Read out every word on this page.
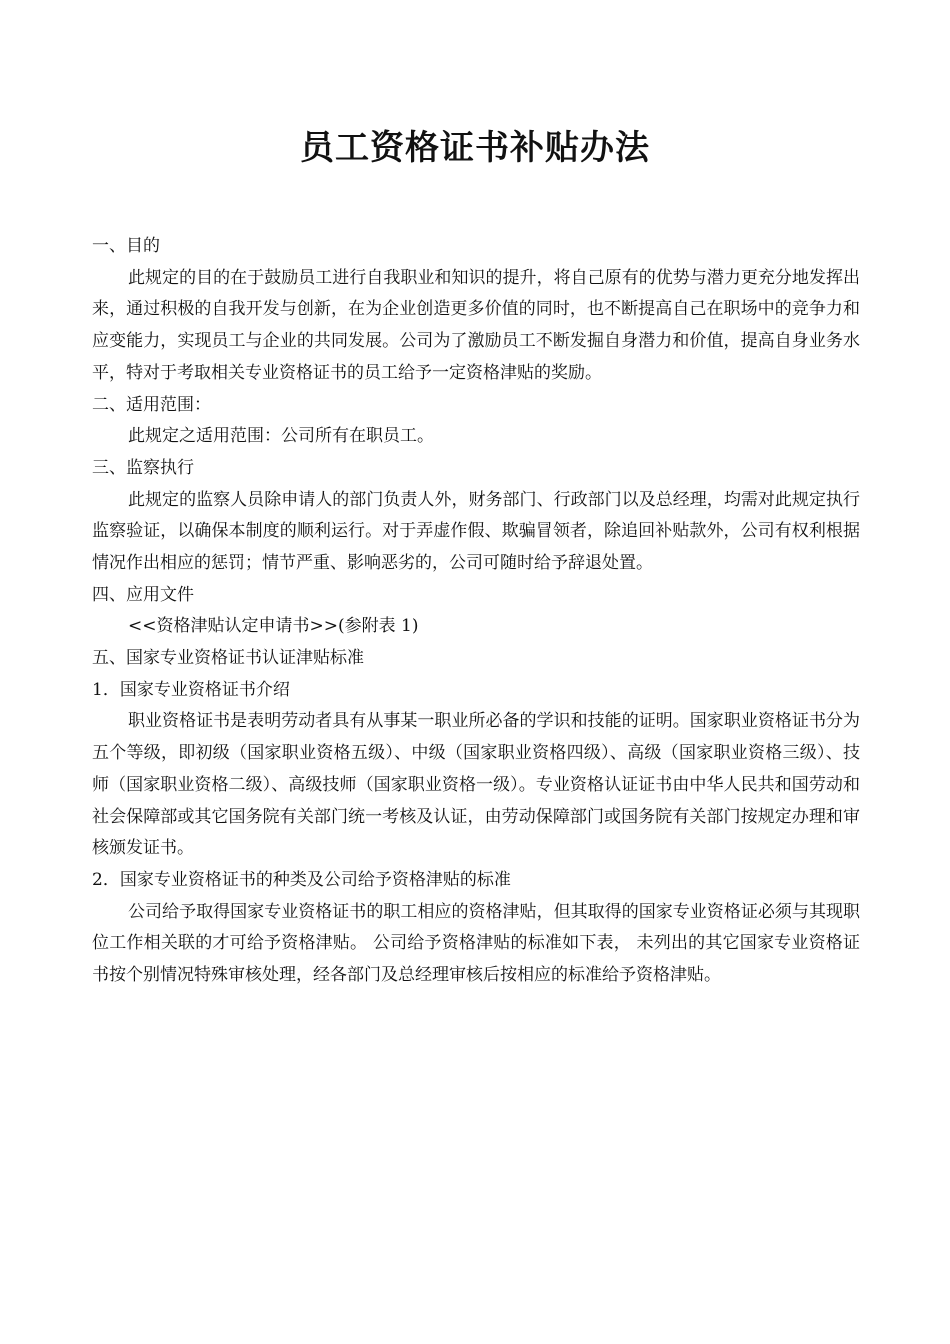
员工资格证书补贴办法

一、目的

此规定的目的在于鼓励员工进行自我职业和知识的提升，将自己原有的优势与潜力更充分地发挥出来，通过积极的自我开发与创新，在为企业创造更多价值的同时，也不断提高自己在职场中的竞争力和应变能力，实现员工与企业的共同发展。公司为了激励员工不断发掘自身潜力和价值，提高自身业务水平，特对于考取相关专业资格证书的员工给予一定资格津贴的奖励。

二、适用范围：

此规定之适用范围：公司所有在职员工。

三、监察执行

此规定的监察人员除申请人的部门负责人外，财务部门、行政部门以及总经理，均需对此规定执行监察验证，以确保本制度的顺利运行。对于弄虚作假、欺骗冒领者，除追回补贴款外，公司有权利根据情况作出相应的惩罚；情节严重、影响恶劣的，公司可随时给予辞退处置。

四、应用文件

<<资格津贴认定申请书>>(参附表 1)

五、国家专业资格证书认证津贴标准

1．国家专业资格证书介绍

职业资格证书是表明劳动者具有从事某一职业所必备的学识和技能的证明。国家职业资格证书分为五个等级，即初级（国家职业资格五级）、中级（国家职业资格四级）、高级（国家职业资格三级）、技师（国家职业资格二级）、高级技师（国家职业资格一级）。专业资格认证证书由中华人民共和国劳动和社会保障部或其它国务院有关部门统一考核及认证，由劳动保障部门或国务院有关部门按规定办理和审核颁发证书。

2．国家专业资格证书的种类及公司给予资格津贴的标准

公司给予取得国家专业资格证书的职工相应的资格津贴，但其取得的国家专业资格证必须与其现职位工作相关联的才可给予资格津贴。 公司给予资格津贴的标准如下表， 未列出的其它国家专业资格证书按个别情况特殊审核处理，经各部门及总经理审核后按相应的标准给予资格津贴。
